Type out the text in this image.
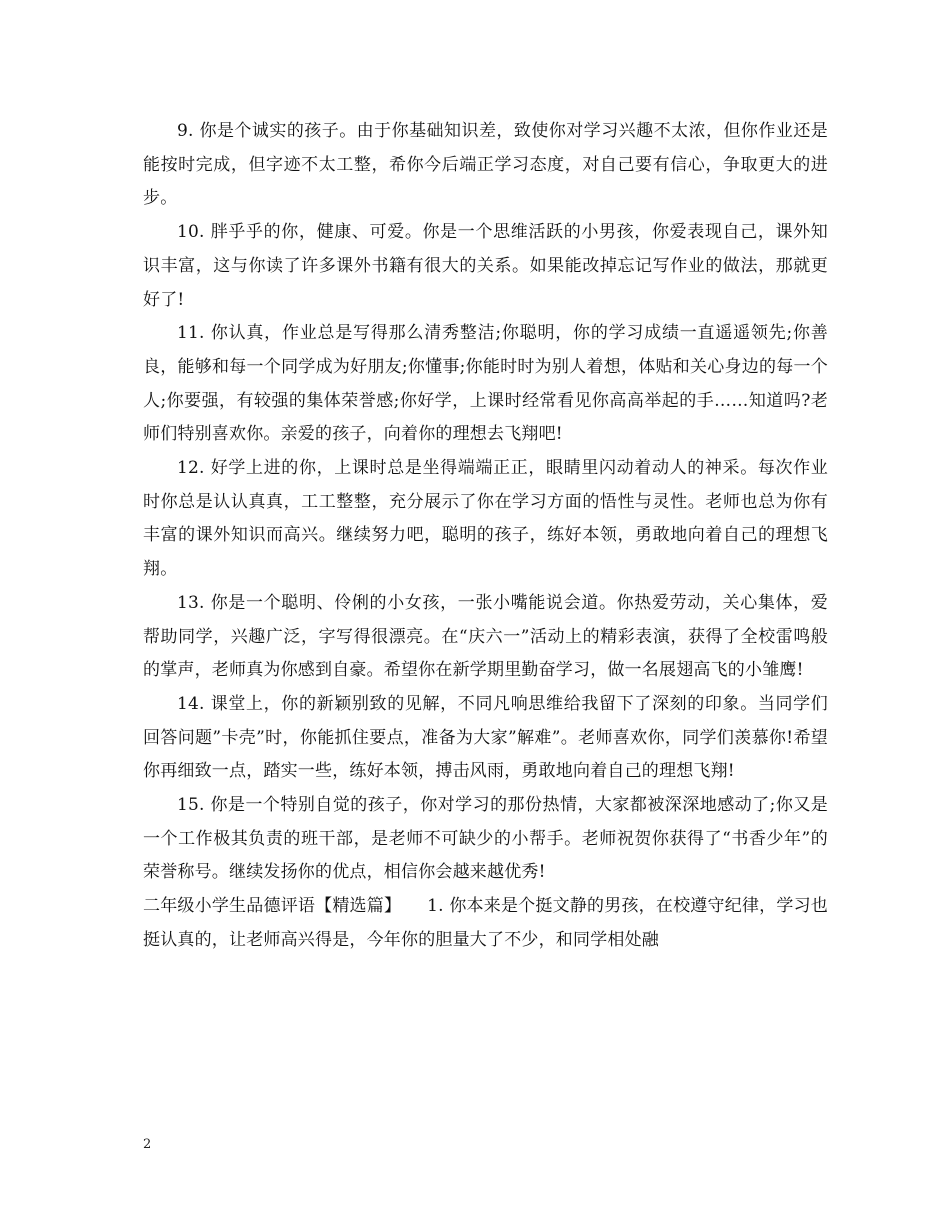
9. 你是个诚实的孩子。由于你基础知识差，致使你对学习兴趣不太浓，但你作业还是能按时完成，但字迹不太工整，希你今后端正学习态度，对自己要有信心，争取更大的进步。

10. 胖乎乎的你，健康、可爱。你是一个思维活跃的小男孩，你爱表现自己，课外知识丰富，这与你读了许多课外书籍有很大的关系。如果能改掉忘记写作业的做法，那就更好了!

11. 你认真，作业总是写得那么清秀整洁;你聪明，你的学习成绩一直遥遥领先;你善良，能够和每一个同学成为好朋友;你懂事;你能时时为别人着想，体贴和关心身边的每一个人;你要强，有较强的集体荣誉感;你好学，上课时经常看见你高高举起的手……知道吗?老师们特别喜欢你。亲爱的孩子，向着你的理想去飞翔吧!

12. 好学上进的你，上课时总是坐得端端正正，眼睛里闪动着动人的神采。每次作业时你总是认认真真，工工整整，充分展示了你在学习方面的悟性与灵性。老师也总为你有丰富的课外知识而高兴。继续努力吧，聪明的孩子，练好本领，勇敢地向着自己的理想飞翔。

13. 你是一个聪明、伶俐的小女孩，一张小嘴能说会道。你热爱劳动，关心集体，爱帮助同学，兴趣广泛，字写得很漂亮。在“庆六一”活动上的精彩表演，获得了全校雷鸣般的掌声，老师真为你感到自豪。希望你在新学期里勤奋学习，做一名展翅高飞的小雏鹰!

14. 课堂上，你的新颖别致的见解，不同凡响思维给我留下了深刻的印象。当同学们回答问题”卡壳”时，你能抓住要点，准备为大家”解难”。老师喜欢你，同学们羡慕你!希望你再细致一点，踏实一些，练好本领，搏击风雨，勇敢地向着自己的理想飞翔!

15. 你是一个特别自觉的孩子，你对学习的那份热情，大家都被深深地感动了;你又是一个工作极其负责的班干部，是老师不可缺少的小帮手。老师祝贺你获得了“书香少年”的荣誉称号。继续发扬你的优点，相信你会越来越优秀!

二年级小学生品德评语【精选篇】　　1. 你本来是个挺文静的男孩，在校遵守纪律，学习也挺认真的，让老师高兴得是，今年你的胆量大了不少，和同学相处融

2
